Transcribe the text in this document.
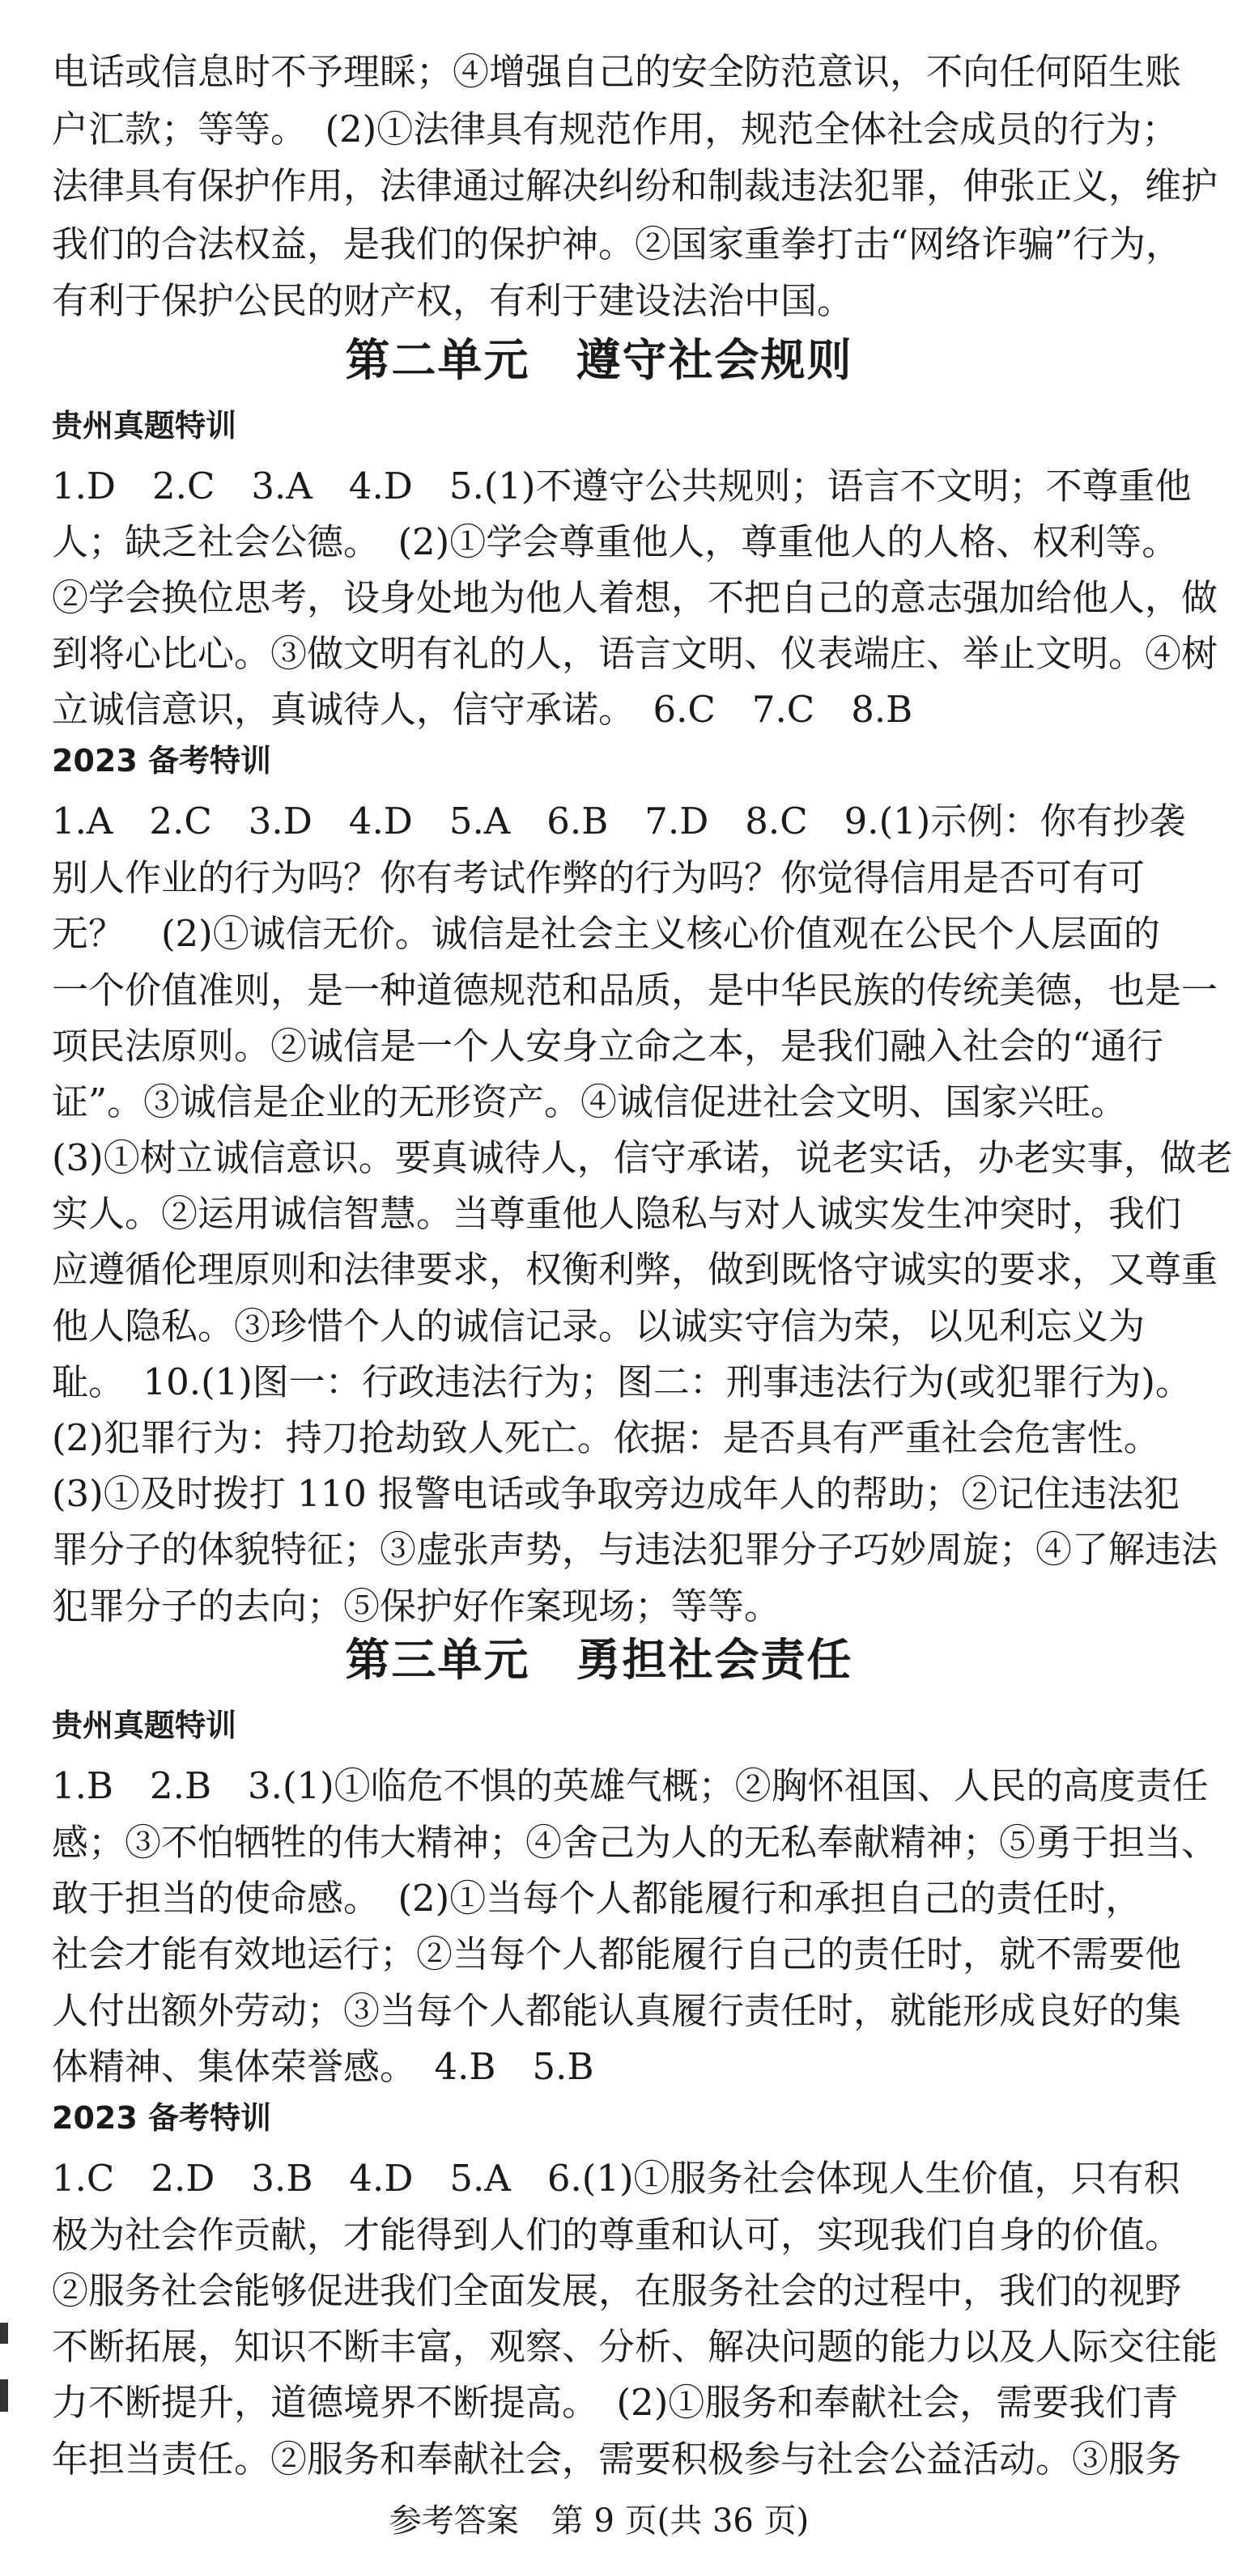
电话或信息时不予理睬；④增强自己的安全防范意识，不向任何陌生账
户汇款；等等。　(2)①法律具有规范作用，规范全体社会成员的行为；
法律具有保护作用，法律通过解决纠纷和制裁违法犯罪，伸张正义，维护
我们的合法权益，是我们的保护神。②国家重拳打击“网络诈骗”行为，
有利于保护公民的财产权，有利于建设法治中国。
第二单元　遵守社会规则
贵州真题特训
1.D　2.C　3.A　4.D　5.(1)不遵守公共规则；语言不文明；不尊重他
人；缺乏社会公德。　(2)①学会尊重他人，尊重他人的人格、权利等。
②学会换位思考，设身处地为他人着想，不把自己的意志强加给他人，做
到将心比心。③做文明有礼的人，语言文明、仪表端庄、举止文明。④树
立诚信意识，真诚待人，信守承诺。　6.C　7.C　8.B
2023 备考特训
1.A　2.C　3.D　4.D　5.A　6.B　7.D　8.C　9.(1)示例：你有抄袭
别人作业的行为吗？你有考试作弊的行为吗？你觉得信用是否可有可
无？　(2)①诚信无价。诚信是社会主义核心价值观在公民个人层面的
一个价值准则，是一种道德规范和品质，是中华民族的传统美德，也是一
项民法原则。②诚信是一个人安身立命之本，是我们融入社会的“通行
证”。③诚信是企业的无形资产。④诚信促进社会文明、国家兴旺。
(3)①树立诚信意识。要真诚待人，信守承诺，说老实话，办老实事，做老
实人。②运用诚信智慧。当尊重他人隐私与对人诚实发生冲突时，我们
应遵循伦理原则和法律要求，权衡利弊，做到既恪守诚实的要求，又尊重
他人隐私。③珍惜个人的诚信记录。以诚实守信为荣，以见利忘义为
耻。　10.(1)图一：行政违法行为；图二：刑事违法行为(或犯罪行为)。
(2)犯罪行为：持刀抢劫致人死亡。依据：是否具有严重社会危害性。
(3)①及时拨打 110 报警电话或争取旁边成年人的帮助；②记住违法犯
罪分子的体貌特征；③虚张声势，与违法犯罪分子巧妙周旋；④了解违法
犯罪分子的去向；⑤保护好作案现场；等等。
第三单元　勇担社会责任
贵州真题特训
1.B　2.B　3.(1)①临危不惧的英雄气概；②胸怀祖国、人民的高度责任
感；③不怕牺牲的伟大精神；④舍己为人的无私奉献精神；⑤勇于担当、
敢于担当的使命感。　(2)①当每个人都能履行和承担自己的责任时，
社会才能有效地运行；②当每个人都能履行自己的责任时，就不需要他
人付出额外劳动；③当每个人都能认真履行责任时，就能形成良好的集
体精神、集体荣誉感。　4.B　5.B
2023 备考特训
1.C　2.D　3.B　4.D　5.A　6.(1)①服务社会体现人生价值，只有积
极为社会作贡献，才能得到人们的尊重和认可，实现我们自身的价值。
②服务社会能够促进我们全面发展，在服务社会的过程中，我们的视野
不断拓展，知识不断丰富，观察、分析、解决问题的能力以及人际交往能
力不断提升，道德境界不断提高。　(2)①服务和奉献社会，需要我们青
年担当责任。②服务和奉献社会，需要积极参与社会公益活动。③服务
参考答案　第 9 页(共 36 页)
